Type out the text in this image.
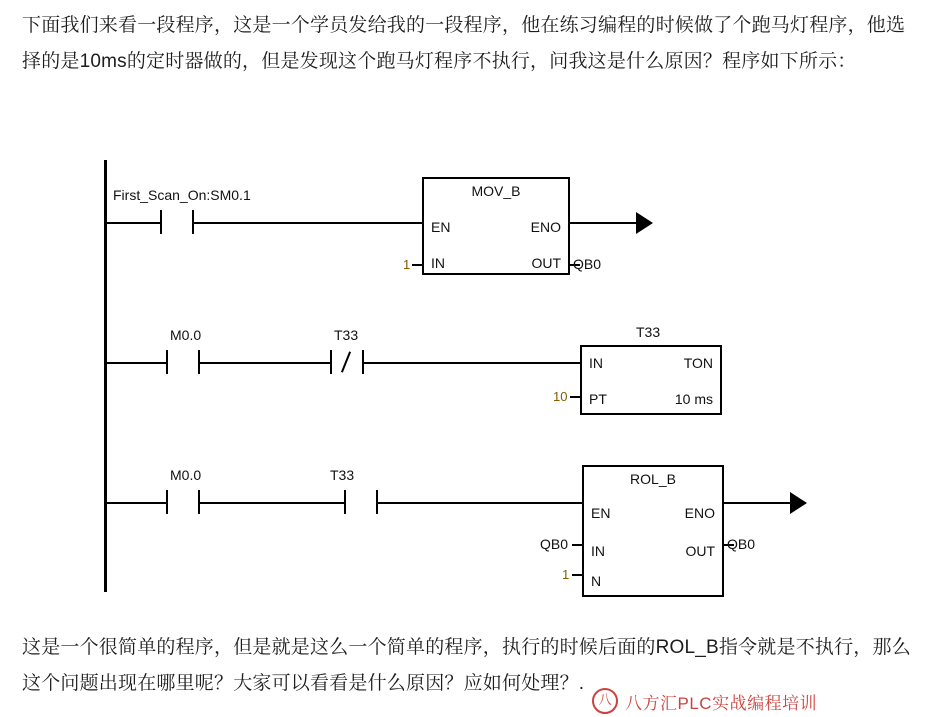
下面我们来看一段程序，这是一个学员发给我的一段程序，他在练习编程的时候做了个跑马灯程序，他选择的是10ms的定时器做的，但是发现这个跑马灯程序不执行，问我这是什么原因？程序如下所示：
First_Scan_On:SM0.1	MOV_B
EN	ENO
IN	OUT
1	QB0
M0.0	T33
IN	TON
PT	10 ms
T33
10
M0.0	T33	ROL_B
EN	ENO
IN	OUT
N
QB0
1
QB0
八 八方汇PLC实战编程培训
这是一个很简单的程序，但是就是这么一个简单的程序，执行的时候后面的ROL_B指令就是不执行，那么这个问题出现在哪里呢？大家可以看看是什么原因？应如何处理？.
